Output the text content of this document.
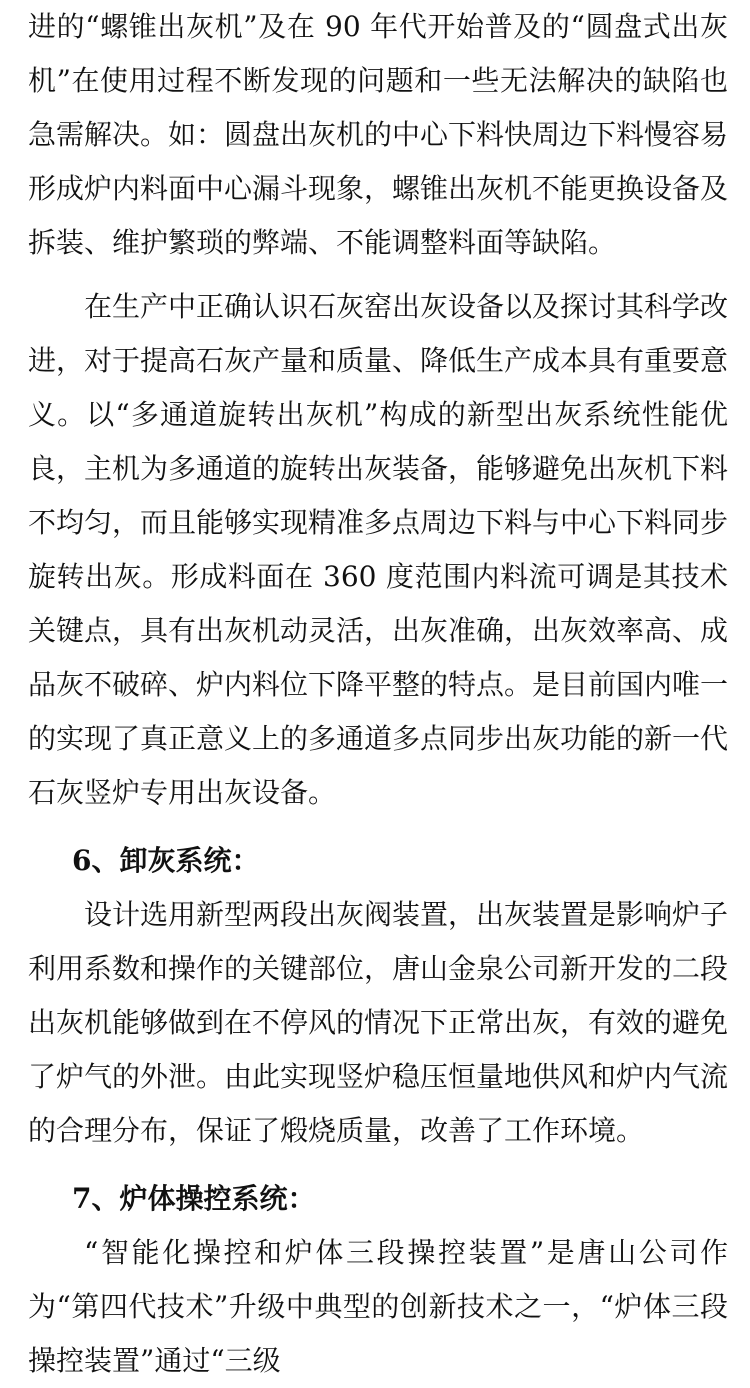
进的“螺锥出灰机”及在 90 年代开始普及的“圆盘式出灰机”在使用过程不断发现的问题和一些无法解决的缺陷也急需解决。如：圆盘出灰机的中心下料快周边下料慢容易形成炉内料面中心漏斗现象，螺锥出灰机不能更换设备及拆装、维护繁琐的弊端、不能调整料面等缺陷。

在生产中正确认识石灰窑出灰设备以及探讨其科学改进，对于提高石灰产量和质量、降低生产成本具有重要意义。以“多通道旋转出灰机”构成的新型出灰系统性能优良，主机为多通道的旋转出灰装备，能够避免出灰机下料不均匀，而且能够实现精准多点周边下料与中心下料同步旋转出灰。形成料面在 360 度范围内料流可调是其技术关键点，具有出灰机动灵活，出灰准确，出灰效率高、成品灰不破碎、炉内料位下降平整的特点。是目前国内唯一的实现了真正意义上的多通道多点同步出灰功能的新一代石灰竖炉专用出灰设备。

6、卸灰系统：

设计选用新型两段出灰阀装置，出灰装置是影响炉子利用系数和操作的关键部位，唐山金泉公司新开发的二段出灰机能够做到在不停风的情况下正常出灰，有效的避免了炉气的外泄。由此实现竖炉稳压恒量地供风和炉内气流的合理分布，保证了煅烧质量，改善了工作环境。

7、炉体操控系统：

“智能化操控和炉体三段操控装置”是唐山公司作为“第四代技术”升级中典型的创新技术之一，“炉体三段操控装置”通过“三级
